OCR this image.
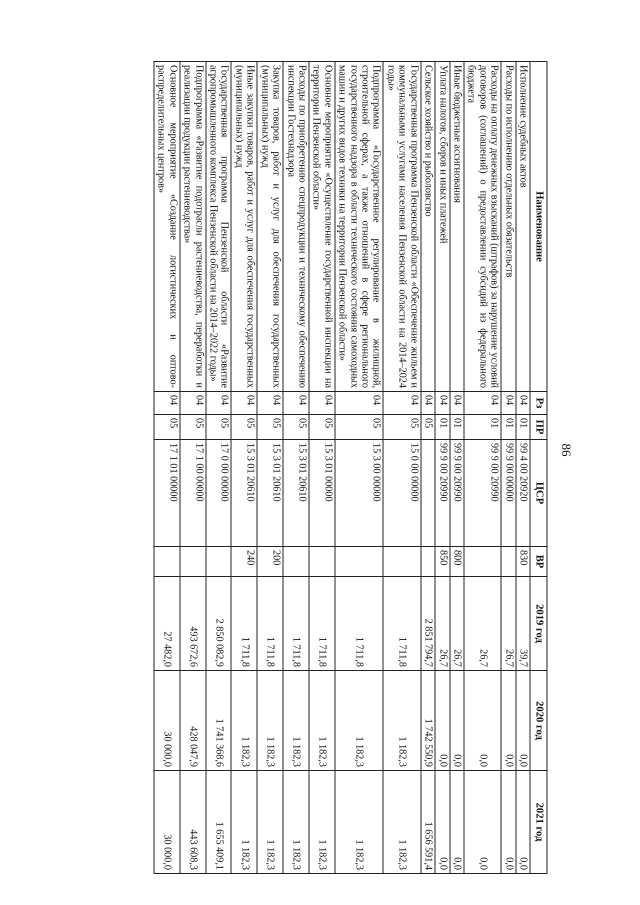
86
Наименование	Рз	ПР	ЦСР	ВР	2019 год	2020 год	2021 год
Исполнение судебных актов	04	01	99 4 00 20920	830	39,7	0,0	0,0
Расходы по исполнению отдельных обязательств	04	01	99 9 00 00000		26,7	0,0	0,0
Расходы на оплату денежных взысканий (штрафов) за нарушение условий договоров (соглашений) о предоставлении субсидий из федерального бюджета	04	01	99 9 00 20990		26,7	0,0	0,0
Иные бюджетные ассигнования	04	01	99 9 00 20990	800	26,7	0,0	0,0
Уплата налогов, сборов и иных платежей	04	01	99 9 00 20990	850	26,7	0,0	0,0
Сельское хозяйство и рыболовство	04	05			2 851 794,7	1 742 550,9	1 656 591,4
Государственная программа Пензенской области «Обеспечение жильем и коммунальными услугами населения Пензенской области на 2014–2024 годы»	04	05	15 0 00 00000		1 711,8	1 182,3	1 182,3
Подпрограмма «Государственное регулирование в жилищной, строительной сферах, а также отношений в сфере регионального государственного надзора в области технического состояния самоходных машин и других видов техники на территории Пензенской области»	04	05	15 3 00 00000		1 711,8	1 182,3	1 182,3
Основное мероприятие «Осуществление государственной инспекции на территории Пензенской области»	04	05	15 3 01 00000		1 711,8	1 182,3	1 182,3
Расходы по приобретению спецпродукции и техническому обеспечению инспекции Гостехнадзора	04	05	15 3 01 20610		1 711,8	1 182,3	1 182,3
Закупка товаров, работ и услуг для обеспечения государственных (муниципальных) нужд	04	05	15 3 01 20610	200	1 711,8	1 182,3	1 182,3
Иные закупки товаров, работ и услуг для обеспечения государственных (муниципальных) нужд	04	05	15 3 01 20610	240	1 711,8	1 182,3	1 182,3
Государственная программа Пензенской области «Развитие агропромышленного комплекса Пензенской области на 2014–2022 годы»	04	05	17 0 00 00000		2 850 082,9	1 741 368,6	1 655 409,1
Подпрограмма «Развитие подотрасли растениеводства, переработки и реализации продукции растениеводства»	04	05	17 1 00 00000		493 672,6	428 047,9	443 608,3
Основное мероприятие «Создание логистических и оптово-распределительных центров»	04	05	17 1 01 00000		27 482,0	30 000,0	30 000,0
